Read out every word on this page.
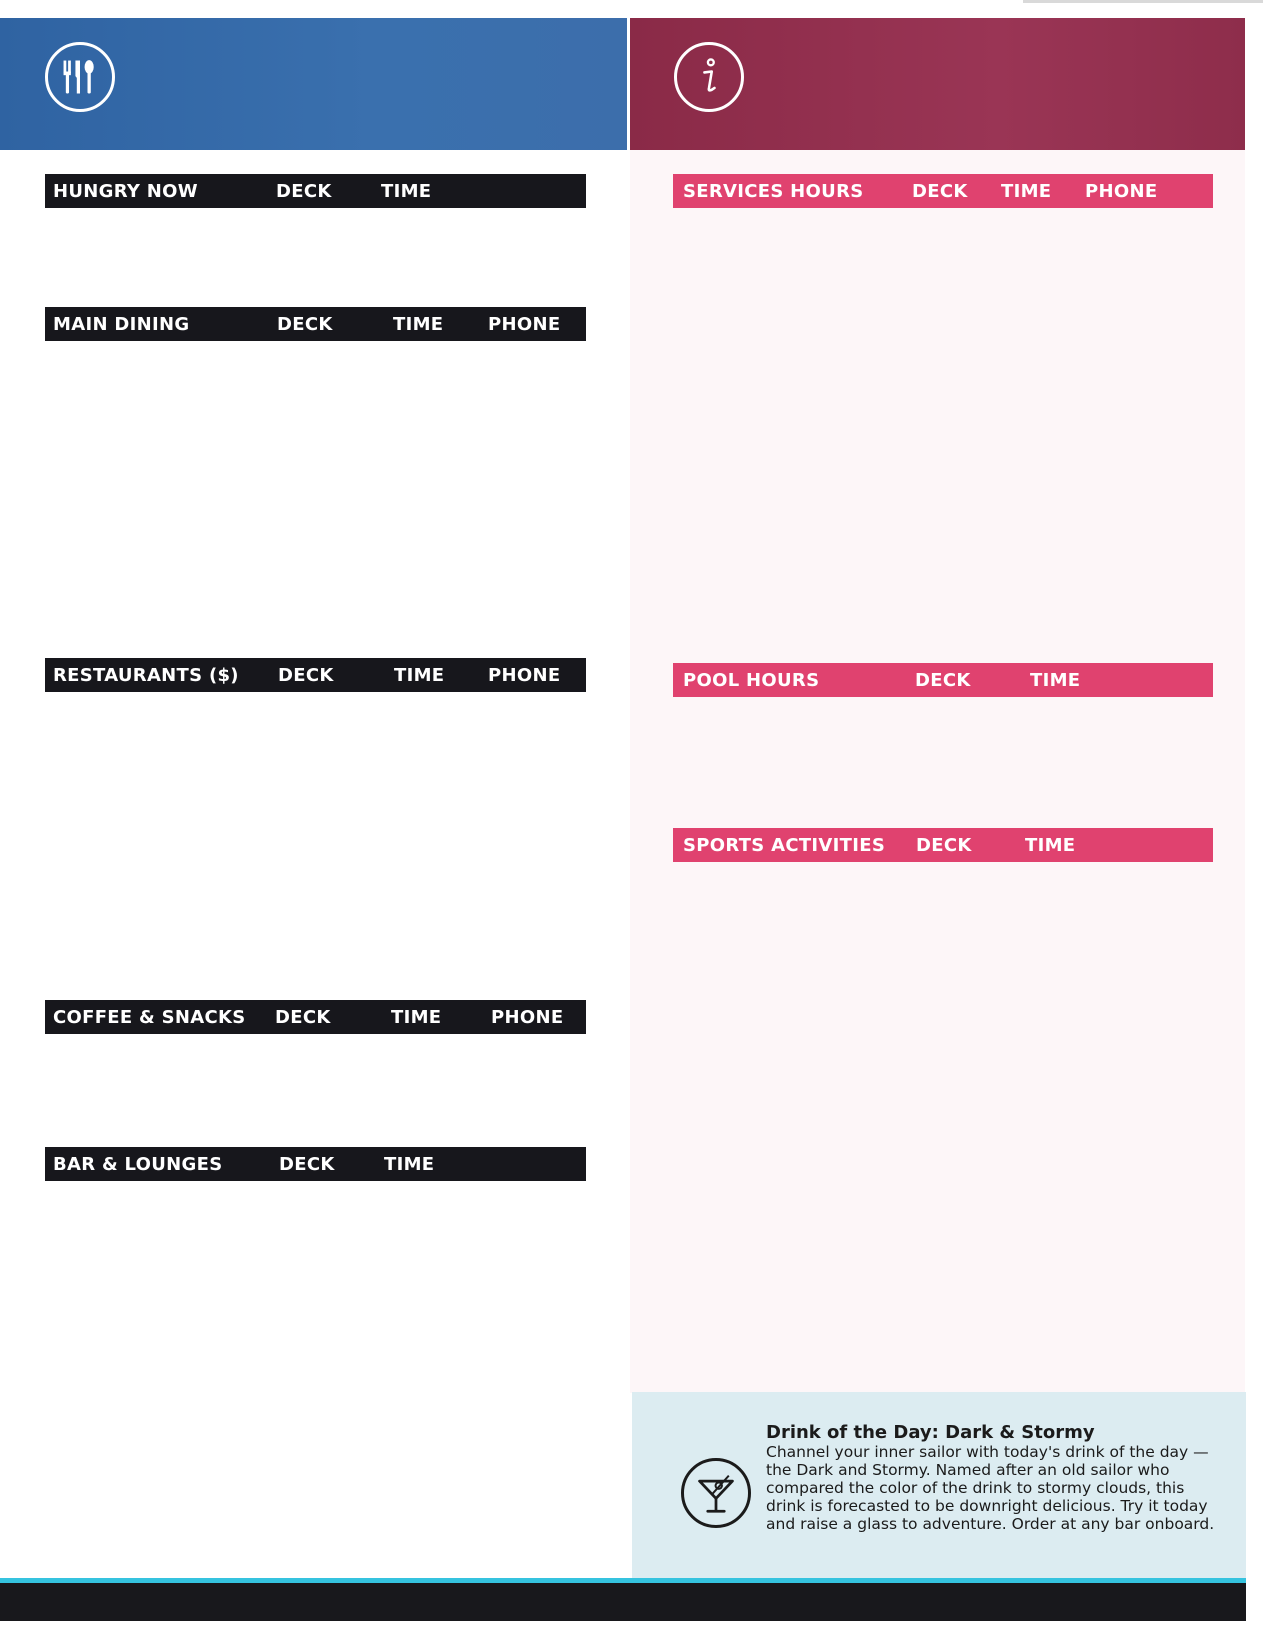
HUNGRY NOW	DECK	TIME
MAIN DINING	DECK	TIME PHONE
RESTAURANTS ($) DECK	TIME PHONE
COFFEE & SNACKS DECK	TIME	PHONE
BAR & LOUNGES	DECK	TIME
SERVICES HOURS	DECK TIME PHONE
POOL HOURS	DECK	TIME
SPORTS ACTIVITIES DECK	TIME
Drink of the Day: Dark & Stormy
Channel your inner sailor with today's drink of the day — the Dark and Stormy. Named after an old sailor who compared the color of the drink to stormy clouds, this drink is forecasted to be downright delicious. Try it today and raise a glass to adventure. Order at any bar onboard.
